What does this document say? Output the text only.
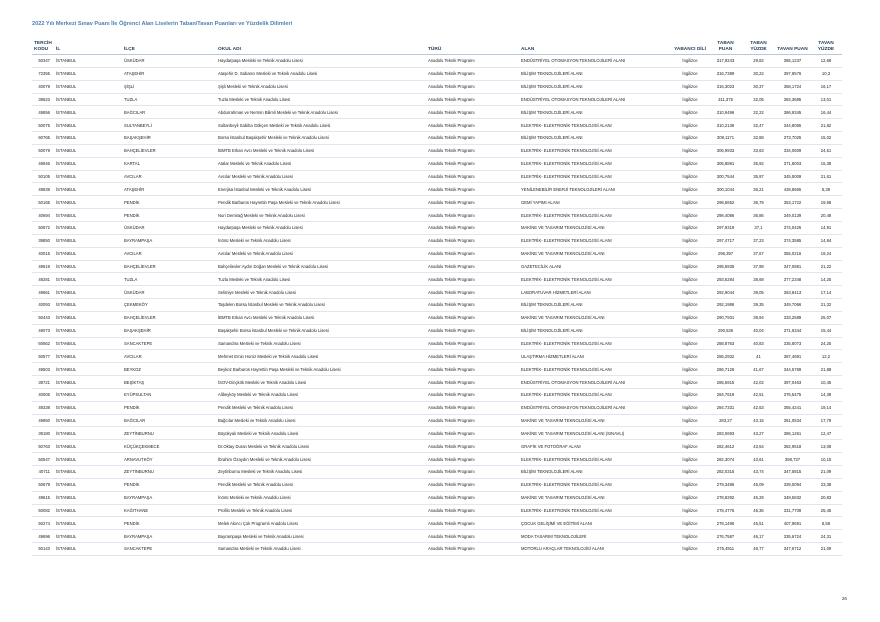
2022 Yılı Merkezi Sınav Puanı İle Öğrenci Alan Liselerin Taban/Tavan Puanları ve Yüzdelik Dilimleri
TERCİH KODU	İL	İLÇE	OKUL ADI	TÜRÜ	ALAN	YABANCI DİLİ	TABAN PUAN	TABAN YÜZDE	TAVAN PUAN	TAVAN YÜZDE
50347	İSTANBUL	ÜSKÜDAR	Haydarpaşa Mesleki ve Teknik Anadolu Lisesi	Anadolu Teknik Programı	ENDÜSTRİYEL OTOMASYON TEKNOLOJİLERİ ALANI	İngilizce	317,9243	29,82	385,1237	12,66
72355	İSTANBUL	ATAŞEHİR	Ataşehir D. Sabancı Mesleki ve Teknik Anadolu Lisesi	Anadolu Teknik Programı	BİLİŞİM TEKNOLOJİLERİ ALANI	İngilizce	316,7389	30,22	397,8576	10,3
40079	İSTANBUL	ŞİŞLİ	Şişli Mesleki ve Teknik Anadolu Lisesi	Anadolu Teknik Programı	BİLİŞİM TEKNOLOJİLERİ ALANI	İngilizce	316,3023	30,37	368,1724	16,17
39623	İSTANBUL	TUZLA	Tuzla Mesleki ve Teknik Anadolu Lisesi	Anadolu Teknik Programı	ENDÜSTRİYEL OTOMASYON TEKNOLOJİLERİ ALANI	İngilizce	311,375	32,05	383,3685	13,01
49856	İSTANBUL	BAĞCILAR	Abdurrahman ve Nermin Bilimli Mesleki ve Teknik Anadolu Lisesi	Anadolu Teknik Programı	BİLİŞİM TEKNOLOJİLERİ ALANI	İngilizce	310,9496	32,22	366,9345	16,44
50075	İSTANBUL	SULTANBEYLİ	Sultanbeyli Sabiha Gökçen Mesleki ve Teknik Anadolu Lisesi	Anadolu Teknik Programı	ELEKTRİK- ELEKTRONİK TEKNOLOJİSİ ALANI	İngilizce	310,2136	32,47	344,8065	21,82
60765	İSTANBUL	BAŞAKŞEHİR	Borsa İstanbul Başakşehir Mesleki ve Teknik Anadolu Lisesi	Anadolu Teknik Programı	BİLİŞİM TEKNOLOJİLERİ ALANI	İngilizce	309,1171	32,88	373,7025	15,02
50079	İSTANBUL	BAHÇELİEVLER	İBMTB Erkan Avcı Mesleki ve Teknik Anadolu Lisesi	Anadolu Teknik Programı	ELEKTRİK- ELEKTRONİK TEKNOLOJİSİ ALANI	İngilizce	306,9933	33,63	334,0609	24,51
49946	İSTANBUL	KARTAL	Atalar Mesleki ve Teknik Anadolu Lisesi	Anadolu Teknik Programı	ELEKTRİK- ELEKTRONİK TEKNOLOJİSİ ALANI	İngilizce	305,8891	35,92	371,8003	15,38
50105	İSTANBUL	AVCILAR	Avcılar Mesleki ve Teknik Anadolu Lisesi	Anadolu Teknik Programı	ELEKTRİK- ELEKTRONİK TEKNOLOJİSİ ALANI	İngilizce	300,7544	35,97	345,5009	21,61
49839	İSTANBUL	ATAŞEHİR	Enerjisa İstanbul Mesleki ve Teknik Anadolu Lisesi	Anadolu Teknik Programı	YENİLENEBİLİR ENERJİ TEKNOLOJİLERİ ALANI	İngilizce	300,1044	36,21	428,8665	5,39
50165	İSTANBUL	PENDİK	Pendik Barbaros Hayrettin Paşa Mesleki ve Teknik Anadolu Lisesi	Anadolu Teknik Programı	GEMİ YAPIMI ALANI	İngilizce	298,5652	36,79	353,1722	19,68
40694	İSTANBUL	PENDİK	Nuri Demirağ Mesleki ve Teknik Anadolu Lisesi	Anadolu Teknik Programı	ELEKTRİK- ELEKTRONİK TEKNOLOJİSİ ALANI	İngilizce	298,4086	36,86	349,0139	20,48
50672	İSTANBUL	ÜSKÜDAR	Haydarpaşa Mesleki ve Teknik Anadolu Lisesi	Anadolu Teknik Programı	MAKİNE VE TASARIM TEKNOLOJİSİ ALANI	İngilizce	297,9319	37,1	374,0425	14,91
39850	İSTANBUL	BAYRAMPAŞA	İnönü Mesleki ve Teknik Anadolu Lisesi	Anadolu Teknik Programı	ELEKTRİK- ELEKTRONİK TEKNOLOJİSİ ALANI	İngilizce	297,4717	37,23	374,3585	14,84
40015	İSTANBUL	AVCILAR	Avcılar Mesleki ve Teknik Anadolu Lisesi	Anadolu Teknik Programı	MAKİNE VE TASARIM TEKNOLOJİSİ ALANI	İngilizce	296,397	37,67	355,0216	19,24
49619	İSTANBUL	BAHÇELİEVLER	Bahçelievler Aydın Doğan Mesleki ve Teknik Anadolu Lisesi	Anadolu Teknik Programı	GAZETECİLİK ALANI	İngilizce	295,5935	37,98	347,0881	21,22
49281	İSTANBUL	TUZLA	Tuzla Mesleki ve Teknik Anadolu Lisesi	Anadolu Teknik Programı	ELEKTRİK- ELEKTRONİK TEKNOLOJİSİ ALANI	İngilizce	293,6284	38,68	377,2348	14,25
49661	İSTANBUL	ÜSKÜDAR	Selimiye Mesleki ve Teknik Anadolu Lisesi	Anadolu Teknik Programı	LABORATUVAR HİZMETLERİ ALANI	İngilizce	292,9044	39,05	363,8413	17,14
40093	İSTANBUL	ÇEKMEKÖY	Taşdelen Borsa İstanbul Mesleki ve Teknik Anadolu Lisesi	Anadolu Teknik Programı	BİLİŞİM TEKNOLOJİLERİ ALANI	İngilizce	292,1986	39,35	349,7066	21,32
50443	İSTANBUL	BAHÇELİEVLER	İBMTB Erkan Avcı Mesleki ve Teknik Anadolu Lisesi	Anadolu Teknik Programı	MAKİNE VE TASARIM TEKNOLOJİSİ ALANI	İngilizce	290,7931	39,94	333,2589	25,07
49073	İSTANBUL	BAŞAKŞEHİR	Başakşehir Borsa İstanbul Mesleki ve Teknik Anadolu Lisesi	Anadolu Teknik Programı	BİLİŞİM TEKNOLOJİLERİ ALANI	İngilizce	290,536	40,04	371,6344	15,44
60662	İSTANBUL	SANCAKTEPE	Samandıra Mesleki ve Teknik Anadolu Lisesi	Anadolu Teknik Programı	ELEKTRİK- ELEKTRONİK TEKNOLOJİSİ ALANI	İngilizce	288,8763	40,83	335,8073	24,25
50577	İSTANBUL	AVCILAR	Mehmet Emin Horoz Mesleki ve Teknik Anadolu Lisesi	Anadolu Teknik Programı	ULAŞTIRMA HİZMETLERİ ALANI	İngilizce	286,2932	41	387,4691	12,2
49503	İSTANBUL	BEYKOZ	Beykoz Barbaros Hayrettin Paşa Mesleki ve Teknik Anadolu Lisesi	Anadolu Teknik Programı	ELEKTRİK- ELEKTRONİK TEKNOLOJİSİ ALANI	İngilizce	286,7126	41,67	344,5769	21,88
39721	İSTANBUL	BEŞİKTAŞ	İSOV-Dinçkök Mesleki ve Teknik Anadolu Lisesi	Anadolu Teknik Programı	ENDÜSTRİYEL OTOMASYON TEKNOLOJİLERİ ALANI	İngilizce	285,5915	42,02	397,0463	10,45
40006	İSTANBUL	EYÜPSULTAN	Alibeyköy Mesleki ve Teknik Anadolu Lisesi	Anadolu Teknik Programı	ELEKTRİK- ELEKTRONİK TEKNOLOJİSİ ALANI	İngilizce	284,7619	42,51	376,5475	14,39
49338	İSTANBUL	PENDİK	Pendik Mesleki ve Teknik Anadolu Lisesi	Anadolu Teknik Programı	ENDÜSTRİYEL OTOMASYON TEKNOLOJİLERİ ALANI	İngilizce	284,7331	42,53	355,4241	19,14
49950	İSTANBUL	BAĞCILAR	Bağcılar Mesleki ve Teknik Anadolu Lisesi	Anadolu Teknik Programı	MAKİNE VE TASARIM TEKNOLOJİSİ ALANI	İngilizce	283,27	43,15	361,0534	17,79
39180	İSTANBUL	ZEYTİNBURNU	Büyükyalı Mesleki ve Teknik Anadolu Lisesi	Anadolu Teknik Programı	MAKİNE VE TASARIM TEKNOLOJİSİ ALANI (SINAVLI)	İngilizce	283,0693	43,27	386,1261	12,47
50763	İSTANBUL	KÜÇÜKÇEKMECE	Dr.Oktay Duran Mesleki ve Teknik Anadolu Lisesi	Anadolu Teknik Programı	GRAFİK VE FOTOĞRAF ALANI	İngilizce	282,4612	43,54	382,9518	13,08
50547	İSTANBUL	ARNAVUTKÖY	İbrahim Özaydın Mesleki ve Teknik Anadolu Lisesi	Anadolu Teknik Programı	ELEKTRİK- ELEKTRONİK TEKNOLOJİSİ ALANI	İngilizce	282,3074	43,61	398,737	10,15
40711	İSTANBUL	ZEYTİNBURNU	Zeytinburnu Mesleki ve Teknik Anadolu Lisesi	Anadolu Teknik Programı	BİLİŞİM TEKNOLOJİLERİ ALANI	İngilizce	282,0315	43,74	347,5815	21,09
50679	İSTANBUL	PENDİK	Pendik Mesleki ve Teknik Anadolu Lisesi	Anadolu Teknik Programı	ELEKTRİK- ELEKTRONİK TEKNOLOJİSİ ALANI	İngilizce	279,3486	45,09	339,0094	23,38
49615	İSTANBUL	BAYRAMPAŞA	İnönü Mesleki ve Teknik Anadolu Lisesi	Anadolu Teknik Programı	MAKİNE VE TASARIM TEKNOLOJİSİ ALANI	İngilizce	278,8292	45,29	348,5832	20,83
50082	İSTANBUL	KAĞITHANE	Profilo Mesleki ve Teknik Anadolu Lisesi	Anadolu Teknik Programı	ELEKTRİK- ELEKTRONİK TEKNOLOJİSİ ALANI	İngilizce	278,4776	45,36	331,7708	25,45
50274	İSTANBUL	PENDİK	Melek Akıncı Çok Programlı Anadolu Lisesi	Anadolu Teknik Programı	ÇOCUK GELİŞİMİ VE EĞİTİMİ ALANI	İngilizce	278,1495	45,51	407,9691	8,58
49696	İSTANBUL	BAYRAMPAŞA	Bayrampaşa Mesleki ve Teknik Anadolu Lisesi	Anadolu Teknik Programı	MODA TASARIM TEKNOLOJİLERİ	İngilizce	276,7587	46,17	335,6724	24,31
50143	İSTANBUL	SANCAKTEPE	Samandıra Mesleki ve Teknik Anadolu Lisesi	Anadolu Teknik Programı	MOTORLU ARAÇLAR TEKNOLOJİSİ ALANI	İngilizce	275,4911	46,77	347,5712	21,09
26
